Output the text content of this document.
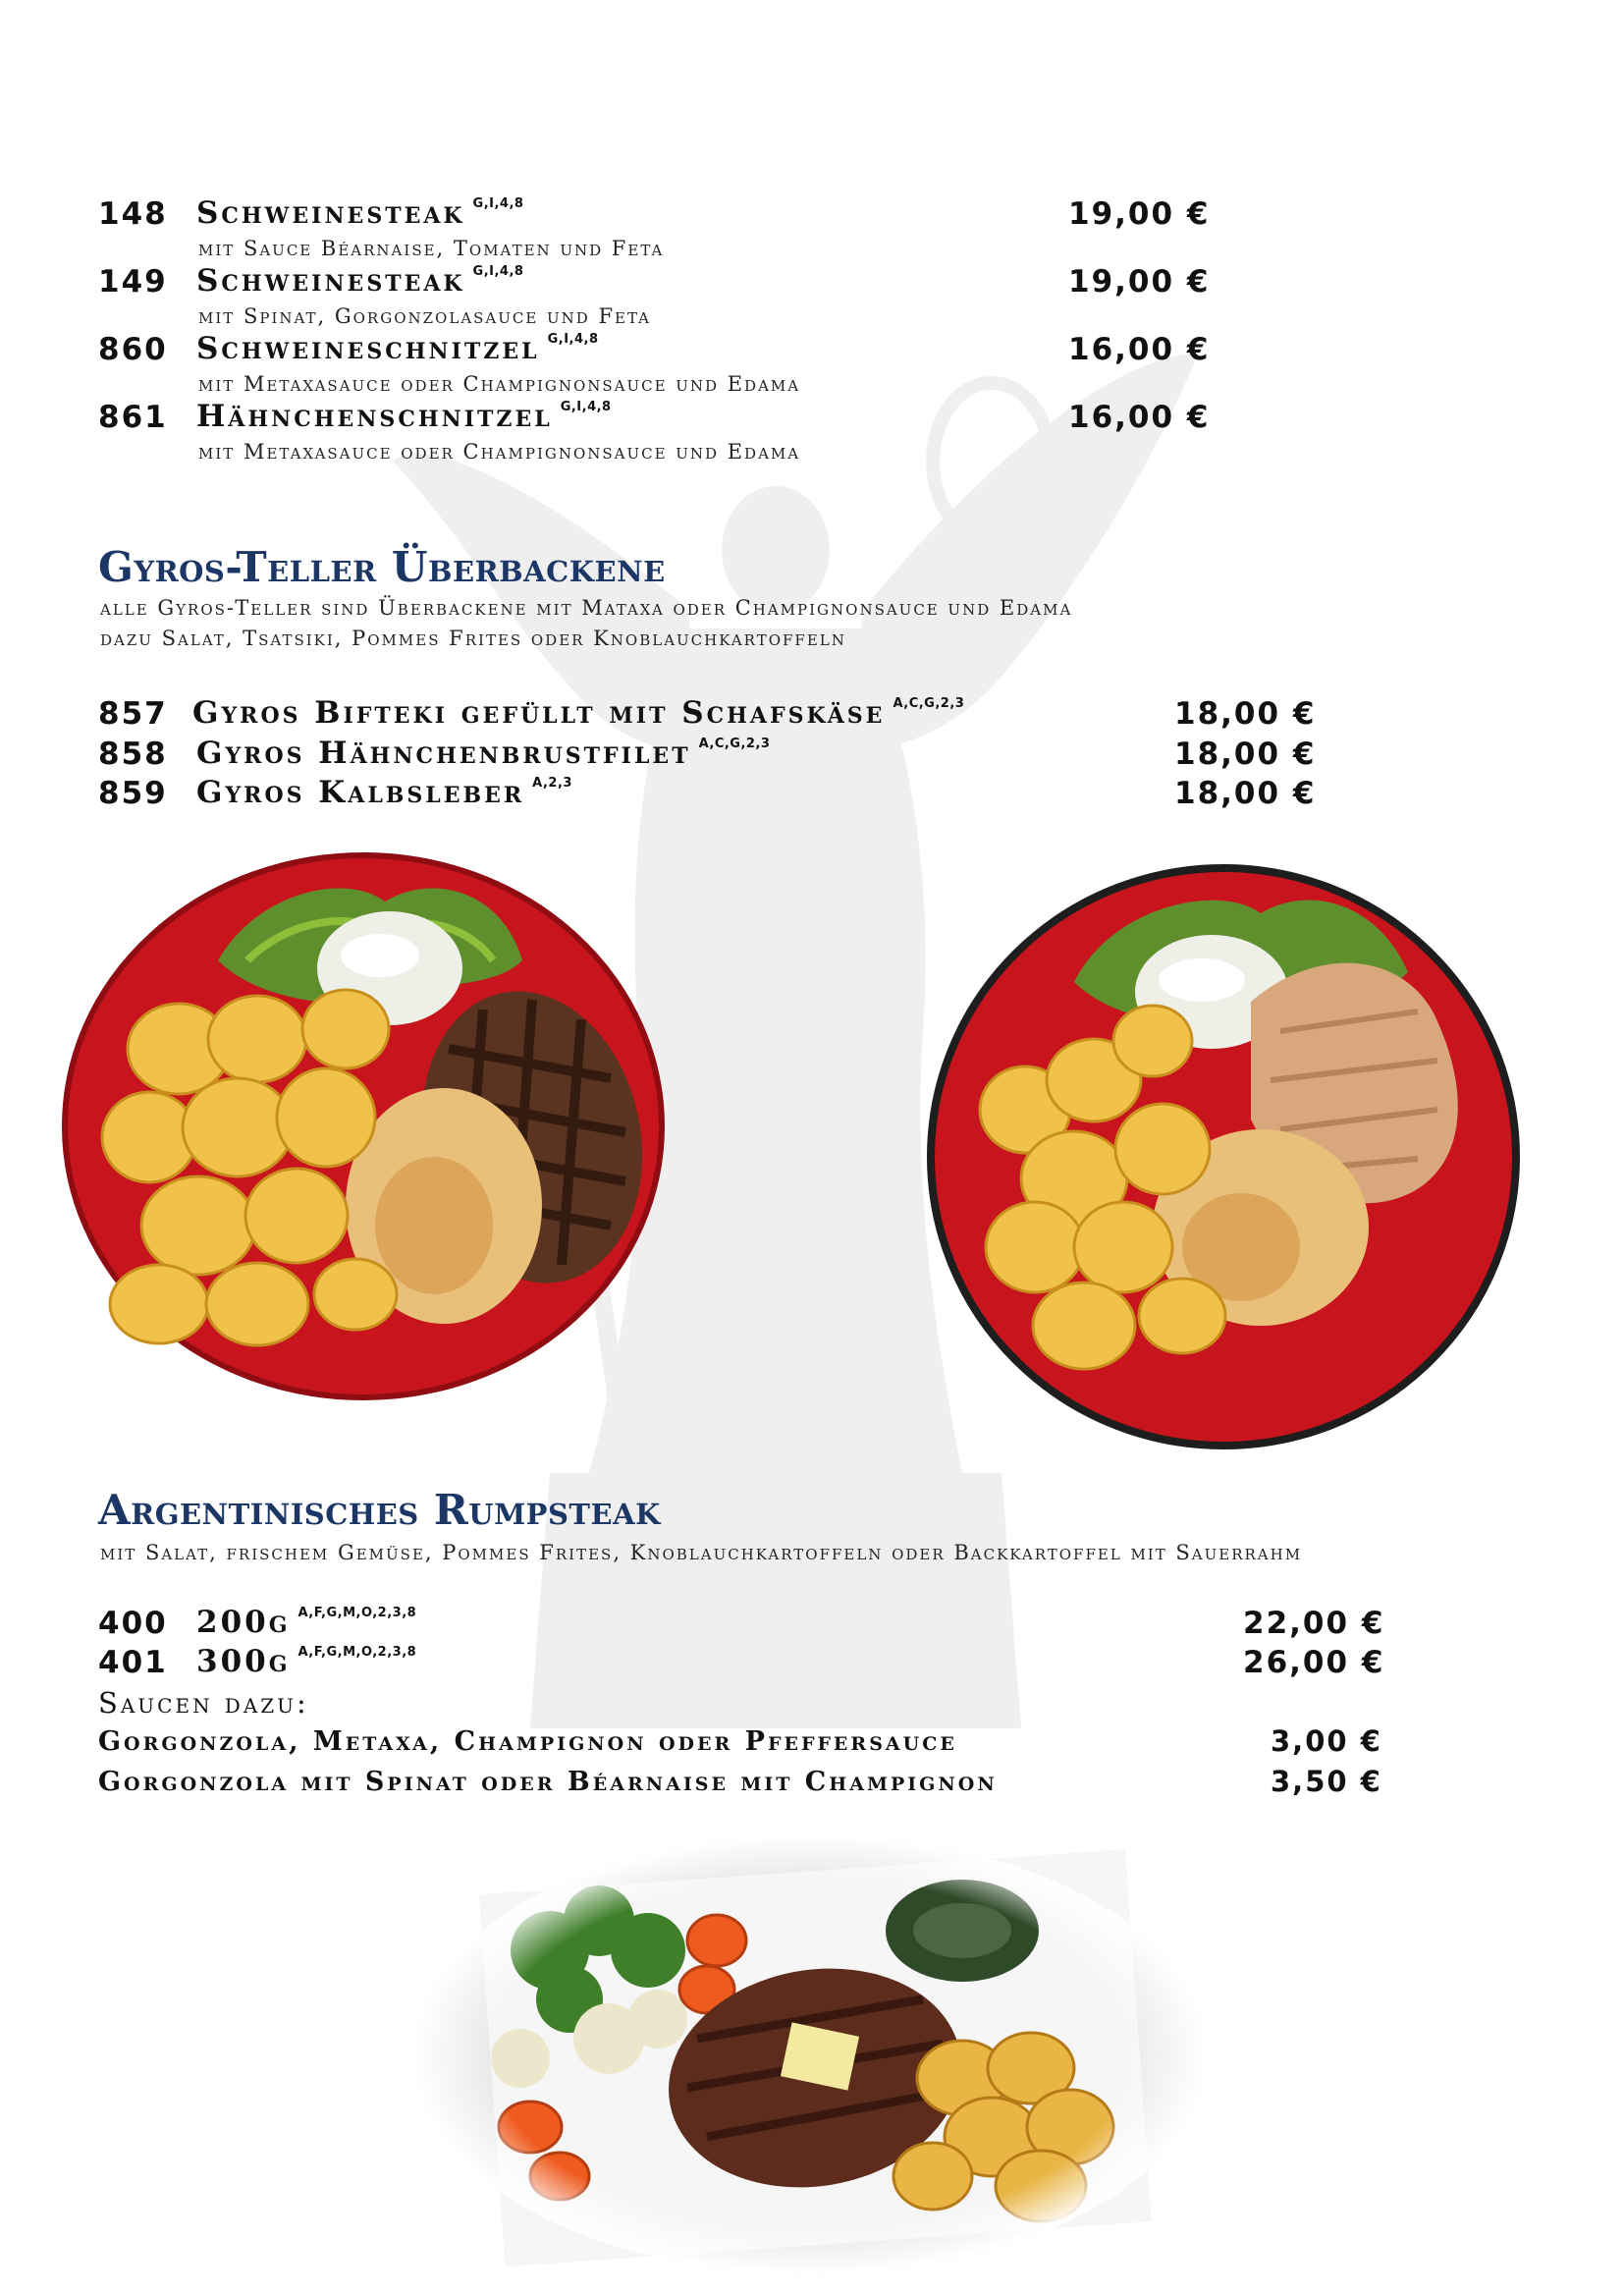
148 Schweinesteak $^{G,I,4,8}$	19,00 €
mit Sauce Béarnaise, Tomaten und Feta
149 Schweinesteak $^{G,I,4,8}$	19,00 €
mit Spinat, Gorgonzolasauce und Feta
860 Schweineschnitzel $^{G,I,4,8}$	16,00 €
mit Metaxasauce oder Champignonsauce und Edama
861 Hähnchenschnitzel $^{G,I,4,8}$	16,00 €
mit Metaxasauce oder Champignonsauce und Edama
Gyros-Teller Überbackene
alle Gyros-Teller sind Überbackene mit Mataxa oder Champignonsauce und Edama
dazu Salat, Tsatsiki, Pommes Frites oder Knoblauchkartoffeln
857 Gyros Bifteki gefüllt mit Schafskäse $^{A,C,G,2,3}$	18,00 €
858 Gyros Hähnchenbrustfilet $^{A,C,G,2,3}$	18,00 €
859 Gyros Kalbsleber $^{A,2,3}$	18,00 €
Argentinisches Rumpsteak
mit Salat, frischem Gemüse, Pommes Frites, Knoblauchkartoffeln oder Backkartoffel mit Sauerrahm
400 200g $^{A,F,G,M,O,2,3,8}$	22,00 €
401 300g $^{A,F,G,M,O,2,3,8}$	26,00 €
Saucen dazu:
Gorgonzola, Metaxa, Champignon oder Pfeffersauce	3,00 €
Gorgonzola mit Spinat oder Béarnaise mit Champignon	3,50 €
